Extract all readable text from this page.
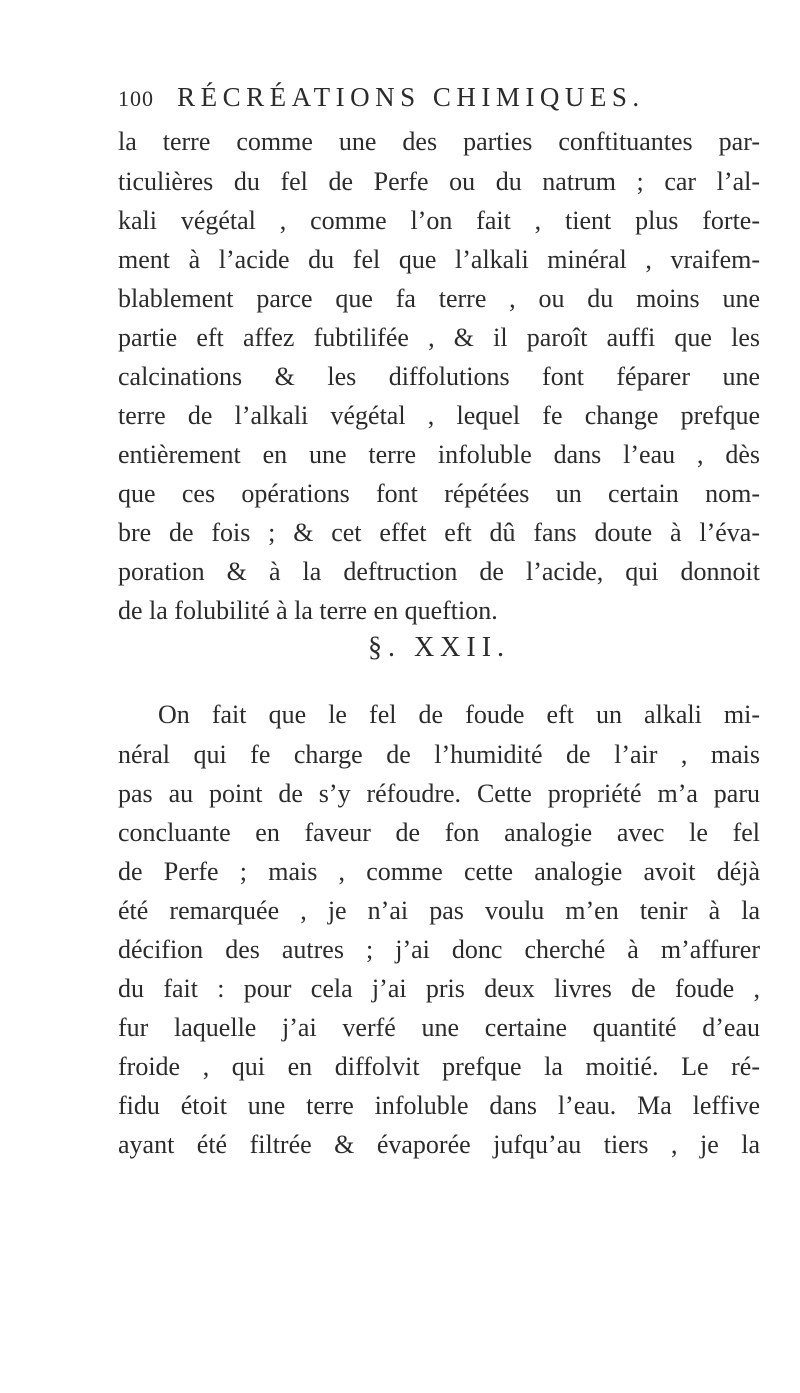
100 RÉCRÉATIONS CHIMIQUES.
la terre comme une des parties conftituantes par-
ticulières du fel de Perfe ou du natrum ; car l’al-
kali végétal , comme l’on fait , tient plus forte-
ment à l’acide du fel que l’alkali minéral , vraifem-
blablement parce que fa terre , ou du moins une
partie eft affez fubtilifée , & il paroît auffi que les
calcinations & les diffolutions font féparer une
terre de l’alkali végétal , lequel fe change prefque
entièrement en une terre infoluble dans l’eau , dès
que ces opérations font répétées un certain nom-
bre de fois ; & cet effet eft dû fans doute à l’éva-
poration & à la deftruction de l’acide, qui donnoit
de la folubilité à la terre en queftion.
§. XXII.
On fait que le fel de foude eft un alkali mi-
néral qui fe charge de l’humidité de l’air , mais
pas au point de s’y réfoudre. Cette propriété m’a paru
concluante en faveur de fon analogie avec le fel
de Perfe ; mais , comme cette analogie avoit déjà
été remarquée , je n’ai pas voulu m’en tenir à la
décifion des autres ; j’ai donc cherché à m’affurer
du fait : pour cela j’ai pris deux livres de foude ,
fur laquelle j’ai verfé une certaine quantité d’eau
froide , qui en diffolvit prefque la moitié. Le ré-
fidu étoit une terre infoluble dans l’eau. Ma leffive
ayant été filtrée & évaporée jufqu’au tiers , je la
